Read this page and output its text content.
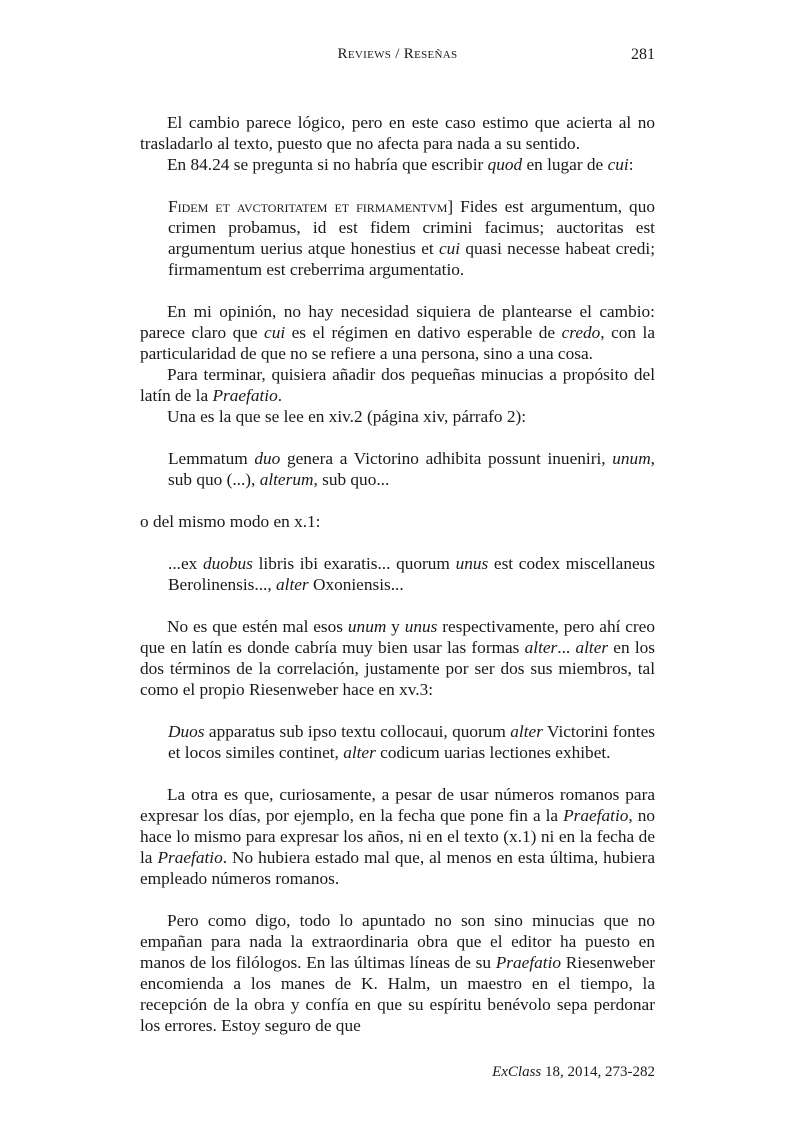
Reviews / Reseñas	281

El cambio parece lógico, pero en este caso estimo que acierta al no trasladarlo al texto, puesto que no afecta para nada a su sentido.

En 84.24 se pregunta si no habría que escribir quod en lugar de cui:

Fidem et avctoritatem et firmamentvm] Fides est argumentum, quo crimen probamus, id est fidem crimini facimus; auctoritas est argumentum uerius atque honestius et cui quasi necesse habeat credi; firmamentum est creberrima argumentatio.

En mi opinión, no hay necesidad siquiera de plantearse el cambio: parece claro que cui es el régimen en dativo esperable de credo, con la particularidad de que no se refiere a una persona, sino a una cosa.

Para terminar, quisiera añadir dos pequeñas minucias a propósito del latín de la Praefatio.

Una es la que se lee en xiv.2 (página xiv, párrafo 2):

Lemmatum duo genera a Victorino adhibita possunt inueniri, unum, sub quo (...), alterum, sub quo...

o del mismo modo en x.1:

...ex duobus libris ibi exaratis... quorum unus est codex miscellaneus Berolinensis..., alter Oxoniensis...

No es que estén mal esos unum y unus respectivamente, pero ahí creo que en latín es donde cabría muy bien usar las formas alter... alter en los dos términos de la correlación, justamente por ser dos sus miembros, tal como el propio Riesenweber hace en xv.3:

Duos apparatus sub ipso textu collocaui, quorum alter Victorini fontes et locos similes continet, alter codicum uarias lectiones exhibet.

La otra es que, curiosamente, a pesar de usar números romanos para expresar los días, por ejemplo, en la fecha que pone fin a la Praefatio, no hace lo mismo para expresar los años, ni en el texto (x.1) ni en la fecha de la Praefatio. No hubiera estado mal que, al menos en esta última, hubiera empleado números romanos.

Pero como digo, todo lo apuntado no son sino minucias que no empañan para nada la extraordinaria obra que el editor ha puesto en manos de los filólogos. En las últimas líneas de su Praefatio Riesenweber encomienda a los manes de K. Halm, un maestro en el tiempo, la recepción de la obra y confía en que su espíritu benévolo sepa perdonar los errores. Estoy seguro de que

ExClass 18, 2014, 273-282
